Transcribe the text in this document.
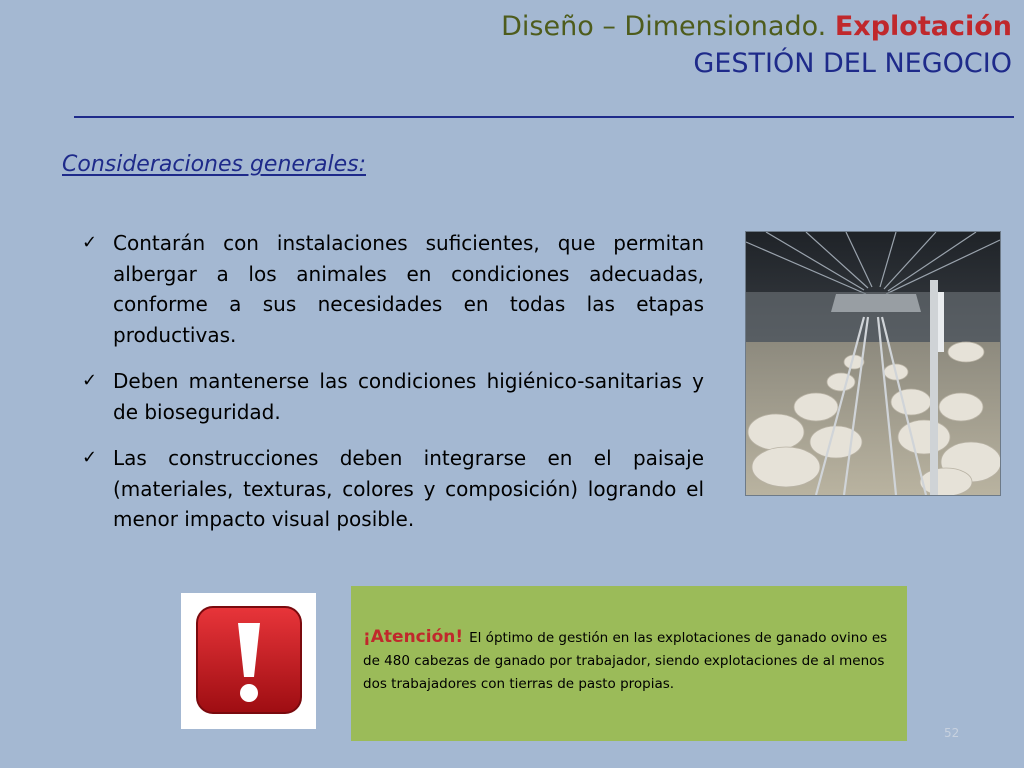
Diseño – Dimensionado. Explotación
GESTIÓN DEL NEGOCIO
Consideraciones generales:
✓ Contarán con instalaciones suficientes, que permitan albergar a los animales en condiciones adecuadas, conforme a sus necesidades en todas las etapas productivas.
✓ Deben mantenerse las condiciones higiénico-sanitarias y de bioseguridad.
✓ Las construcciones deben integrarse en el paisaje (materiales, texturas, colores y composición) logrando el menor impacto visual posible.
¡Atención! El óptimo de gestión en las explotaciones de ganado ovino es de 480 cabezas de ganado por trabajador, siendo explotaciones de al menos dos trabajadores con tierras de pasto propias.
52
